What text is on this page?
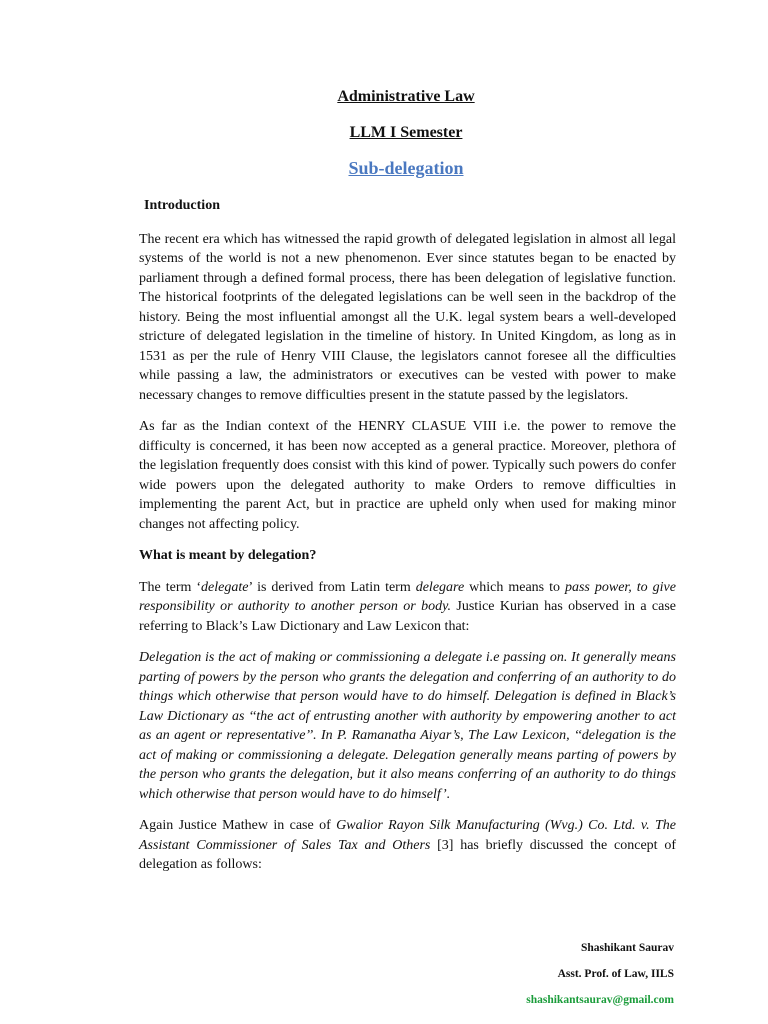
Administrative Law
LLM I Semester
Sub-delegation
Introduction

The recent era which has witnessed the rapid growth of delegated legislation in almost all legal systems of the world is not a new phenomenon. Ever since statutes began to be enacted by parliament through a defined formal process, there has been delegation of legislative function. The historical footprints of the delegated legislations can be well seen in the backdrop of the history. Being the most influential amongst all the U.K. legal system bears a well-developed stricture of delegated legislation in the timeline of history. In United Kingdom, as long as in 1531 as per the rule of Henry VIII Clause, the legislators cannot foresee all the difficulties while passing a law, the administrators or executives can be vested with power to make necessary changes to remove difficulties present in the statute passed by the legislators.

As far as the Indian context of the HENRY CLASUE VIII i.e. the power to remove the difficulty is concerned, it has been now accepted as a general practice. Moreover, plethora of the legislation frequently does consist with this kind of power. Typically such powers do confer wide powers upon the delegated authority to make Orders to remove difficulties in implementing the parent Act, but in practice are upheld only when used for making minor changes not affecting policy.

What is meant by delegation?

The term ‘delegate’ is derived from Latin term delegare which means to pass power, to give responsibility or authority to another person or body. Justice Kurian has observed in a case referring to Black’s Law Dictionary and Law Lexicon that:

Delegation is the act of making or commissioning a delegate i.e passing on. It generally means parting of powers by the person who grants the delegation and conferring of an authority to do things which otherwise that person would have to do himself. Delegation is defined in Black’s Law Dictionary as ‘‘the act of entrusting another with authority by empowering another to act as an agent or representative’’. In P. Ramanatha Aiyar’s, The Law Lexicon, ‘‘delegation is the act of making or commissioning a delegate. Delegation generally means parting of powers by the person who grants the delegation, but it also means conferring of an authority to do things which otherwise that person would have to do himself’.

Again Justice Mathew in case of Gwalior Rayon Silk Manufacturing (Wvg.) Co. Ltd. v. The Assistant Commissioner of Sales Tax and Others [3] has briefly discussed the concept of delegation as follows:

Shashikant Saurav
Asst. Prof. of Law, IILS
shashikantsaurav@gmail.com
